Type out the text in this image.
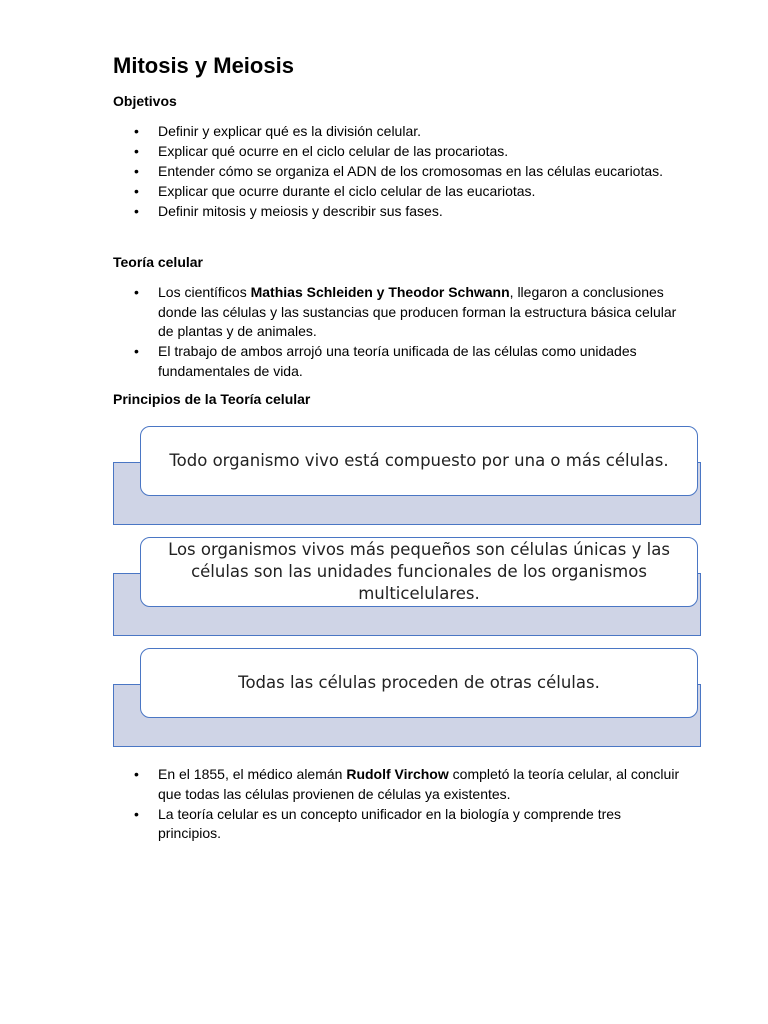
Mitosis y Meiosis
Objetivos
• Definir y explicar qué es la división celular.
• Explicar qué ocurre en el ciclo celular de las procariotas.
• Entender cómo se organiza el ADN de los cromosomas en las células eucariotas.
• Explicar que ocurre durante el ciclo celular de las eucariotas.
• Definir mitosis y meiosis y describir sus fases.
Teoría celular
• Los científicos Mathias Schleiden y Theodor Schwann, llegaron a conclusiones donde las células y las sustancias que producen forman la estructura básica celular de plantas y de animales.
• El trabajo de ambos arrojó una teoría unificada de las células como unidades fundamentales de vida.
Principios de la Teoría celular
Todo organismo vivo está compuesto por una o más células.
Los organismos vivos más pequeños son células únicas y las células son las unidades funcionales de los organismos multicelulares.
Todas las células proceden de otras células.
• En el 1855, el médico alemán Rudolf Virchow completó la teoría celular, al concluir que todas las células provienen de células ya existentes.
• La teoría celular es un concepto unificador en la biología y comprende tres principios.
